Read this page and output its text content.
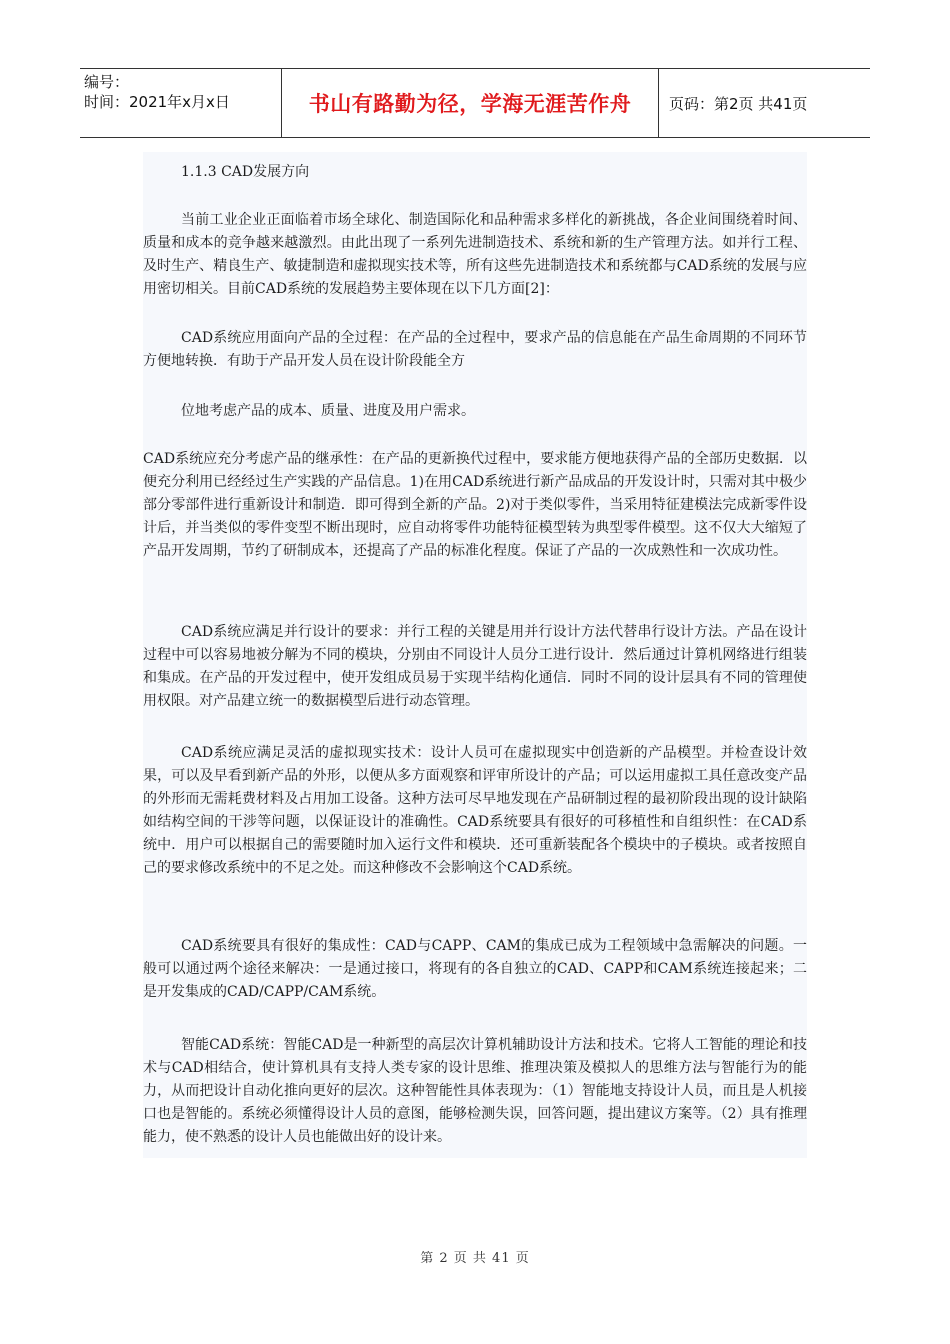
编号：
时间：2021年x月x日	书山有路勤为径，学海无涯苦作舟	页码：第2页 共41页

1.1.3 CAD发展方向

当前工业企业正面临着市场全球化、制造国际化和品种需求多样化的新挑战，各企业间围绕着时间、质量和成本的竞争越来越激烈。由此出现了一系列先进制造技术、系统和新的生产管理方法。如并行工程、及时生产、精良生产、敏捷制造和虚拟现实技术等，所有这些先进制造技术和系统都与CAD系统的发展与应用密切相关。目前CAD系统的发展趋势主要体现在以下几方面[2]：

CAD系统应用面向产品的全过程：在产品的全过程中，要求产品的信息能在产品生命周期的不同环节方便地转换．有助于产品开发人员在设计阶段能全方

位地考虑产品的成本、质量、进度及用户需求。

CAD系统应充分考虑产品的继承性：在产品的更新换代过程中，要求能方便地获得产品的全部历史数据．以便充分利用已经经过生产实践的产品信息。1)在用CAD系统进行新产品成品的开发设计时，只需对其中极少部分零部件进行重新设计和制造．即可得到全新的产品。2)对于类似零件，当采用特征建模法完成新零件设计后，并当类似的零件变型不断出现时，应自动将零件功能特征模型转为典型零件模型。这不仅大大缩短了产品开发周期，节约了研制成本，还提高了产品的标准化程度。保证了产品的一次成熟性和一次成功性。

CAD系统应满足并行设计的要求：并行工程的关键是用并行设计方法代替串行设计方法。产品在设计过程中可以容易地被分解为不同的模块，分别由不同设计人员分工进行设计．然后通过计算机网络进行组装和集成。在产品的开发过程中，使开发组成员易于实现半结构化通信．同时不同的设计层具有不同的管理使用权限。对产品建立统一的数据模型后进行动态管理。

CAD系统应满足灵活的虚拟现实技术：设计人员可在虚拟现实中创造新的产品模型。并检查设计效果，可以及早看到新产品的外形，以便从多方面观察和评审所设计的产品；可以运用虚拟工具任意改变产品的外形而无需耗费材料及占用加工设备。这种方法可尽早地发现在产品研制过程的最初阶段出现的设计缺陷如结构空间的干涉等问题，以保证设计的准确性。CAD系统要具有很好的可移植性和自组织性：在CAD系统中．用户可以根据自己的需要随时加入运行文件和模块．还可重新装配各个模块中的子模块。或者按照自己的要求修改系统中的不足之处。而这种修改不会影响这个CAD系统。

CAD系统要具有很好的集成性：CAD与CAPP、CAM的集成已成为工程领域中急需解决的问题。一般可以通过两个途径来解决：一是通过接口，将现有的各自独立的CAD、CAPP和CAM系统连接起来；二是开发集成的CAD/CAPP/CAM系统。

智能CAD系统：智能CAD是一种新型的高层次计算机辅助设计方法和技术。它将人工智能的理论和技术与CAD相结合，使计算机具有支持人类专家的设计思维、推理决策及模拟人的思维方法与智能行为的能力，从而把设计自动化推向更好的层次。这种智能性具体表现为：（1）智能地支持设计人员，而且是人机接口也是智能的。系统必须懂得设计人员的意图，能够检测失误，回答问题，提出建议方案等。（2）具有推理能力，使不熟悉的设计人员也能做出好的设计来。

第 2 页 共 41 页
